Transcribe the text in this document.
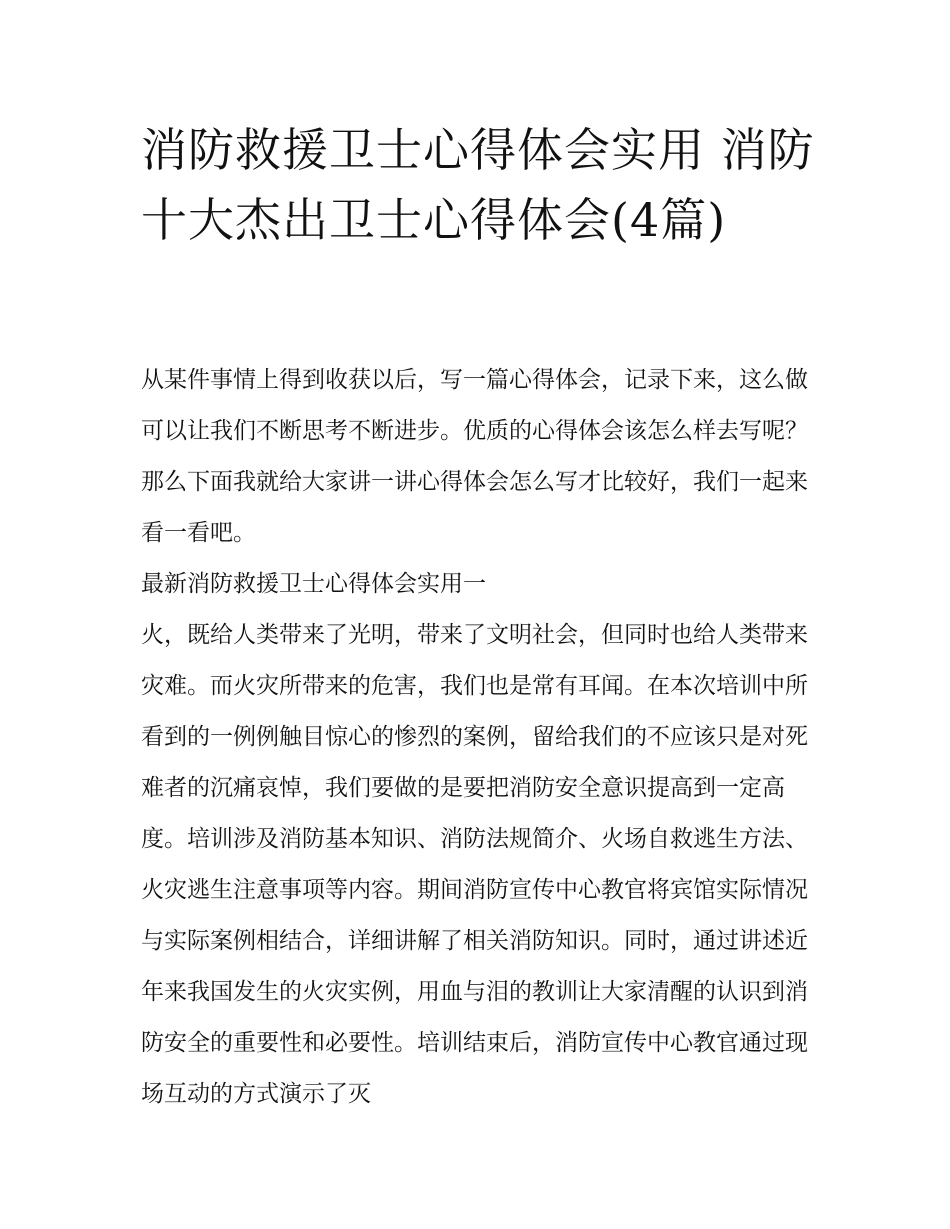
消防救援卫士心得体会实用 消防十大杰出卫士心得体会(4篇)

从某件事情上得到收获以后，写一篇心得体会，记录下来，这么做可以让我们不断思考不断进步。优质的心得体会该怎么样去写呢？那么下面我就给大家讲一讲心得体会怎么写才比较好，我们一起来看一看吧。

最新消防救援卫士心得体会实用一

火，既给人类带来了光明，带来了文明社会，但同时也给人类带来灾难。而火灾所带来的危害，我们也是常有耳闻。在本次培训中所看到的一例例触目惊心的惨烈的案例，留给我们的不应该只是对死难者的沉痛哀悼，我们要做的是要把消防安全意识提高到一定高度。培训涉及消防基本知识、消防法规简介、火场自救逃生方法、火灾逃生注意事项等内容。期间消防宣传中心教官将宾馆实际情况与实际案例相结合，详细讲解了相关消防知识。同时，通过讲述近年来我国发生的火灾实例，用血与泪的教训让大家清醒的认识到消防安全的重要性和必要性。培训结束后，消防宣传中心教官通过现场互动的方式演示了灭
